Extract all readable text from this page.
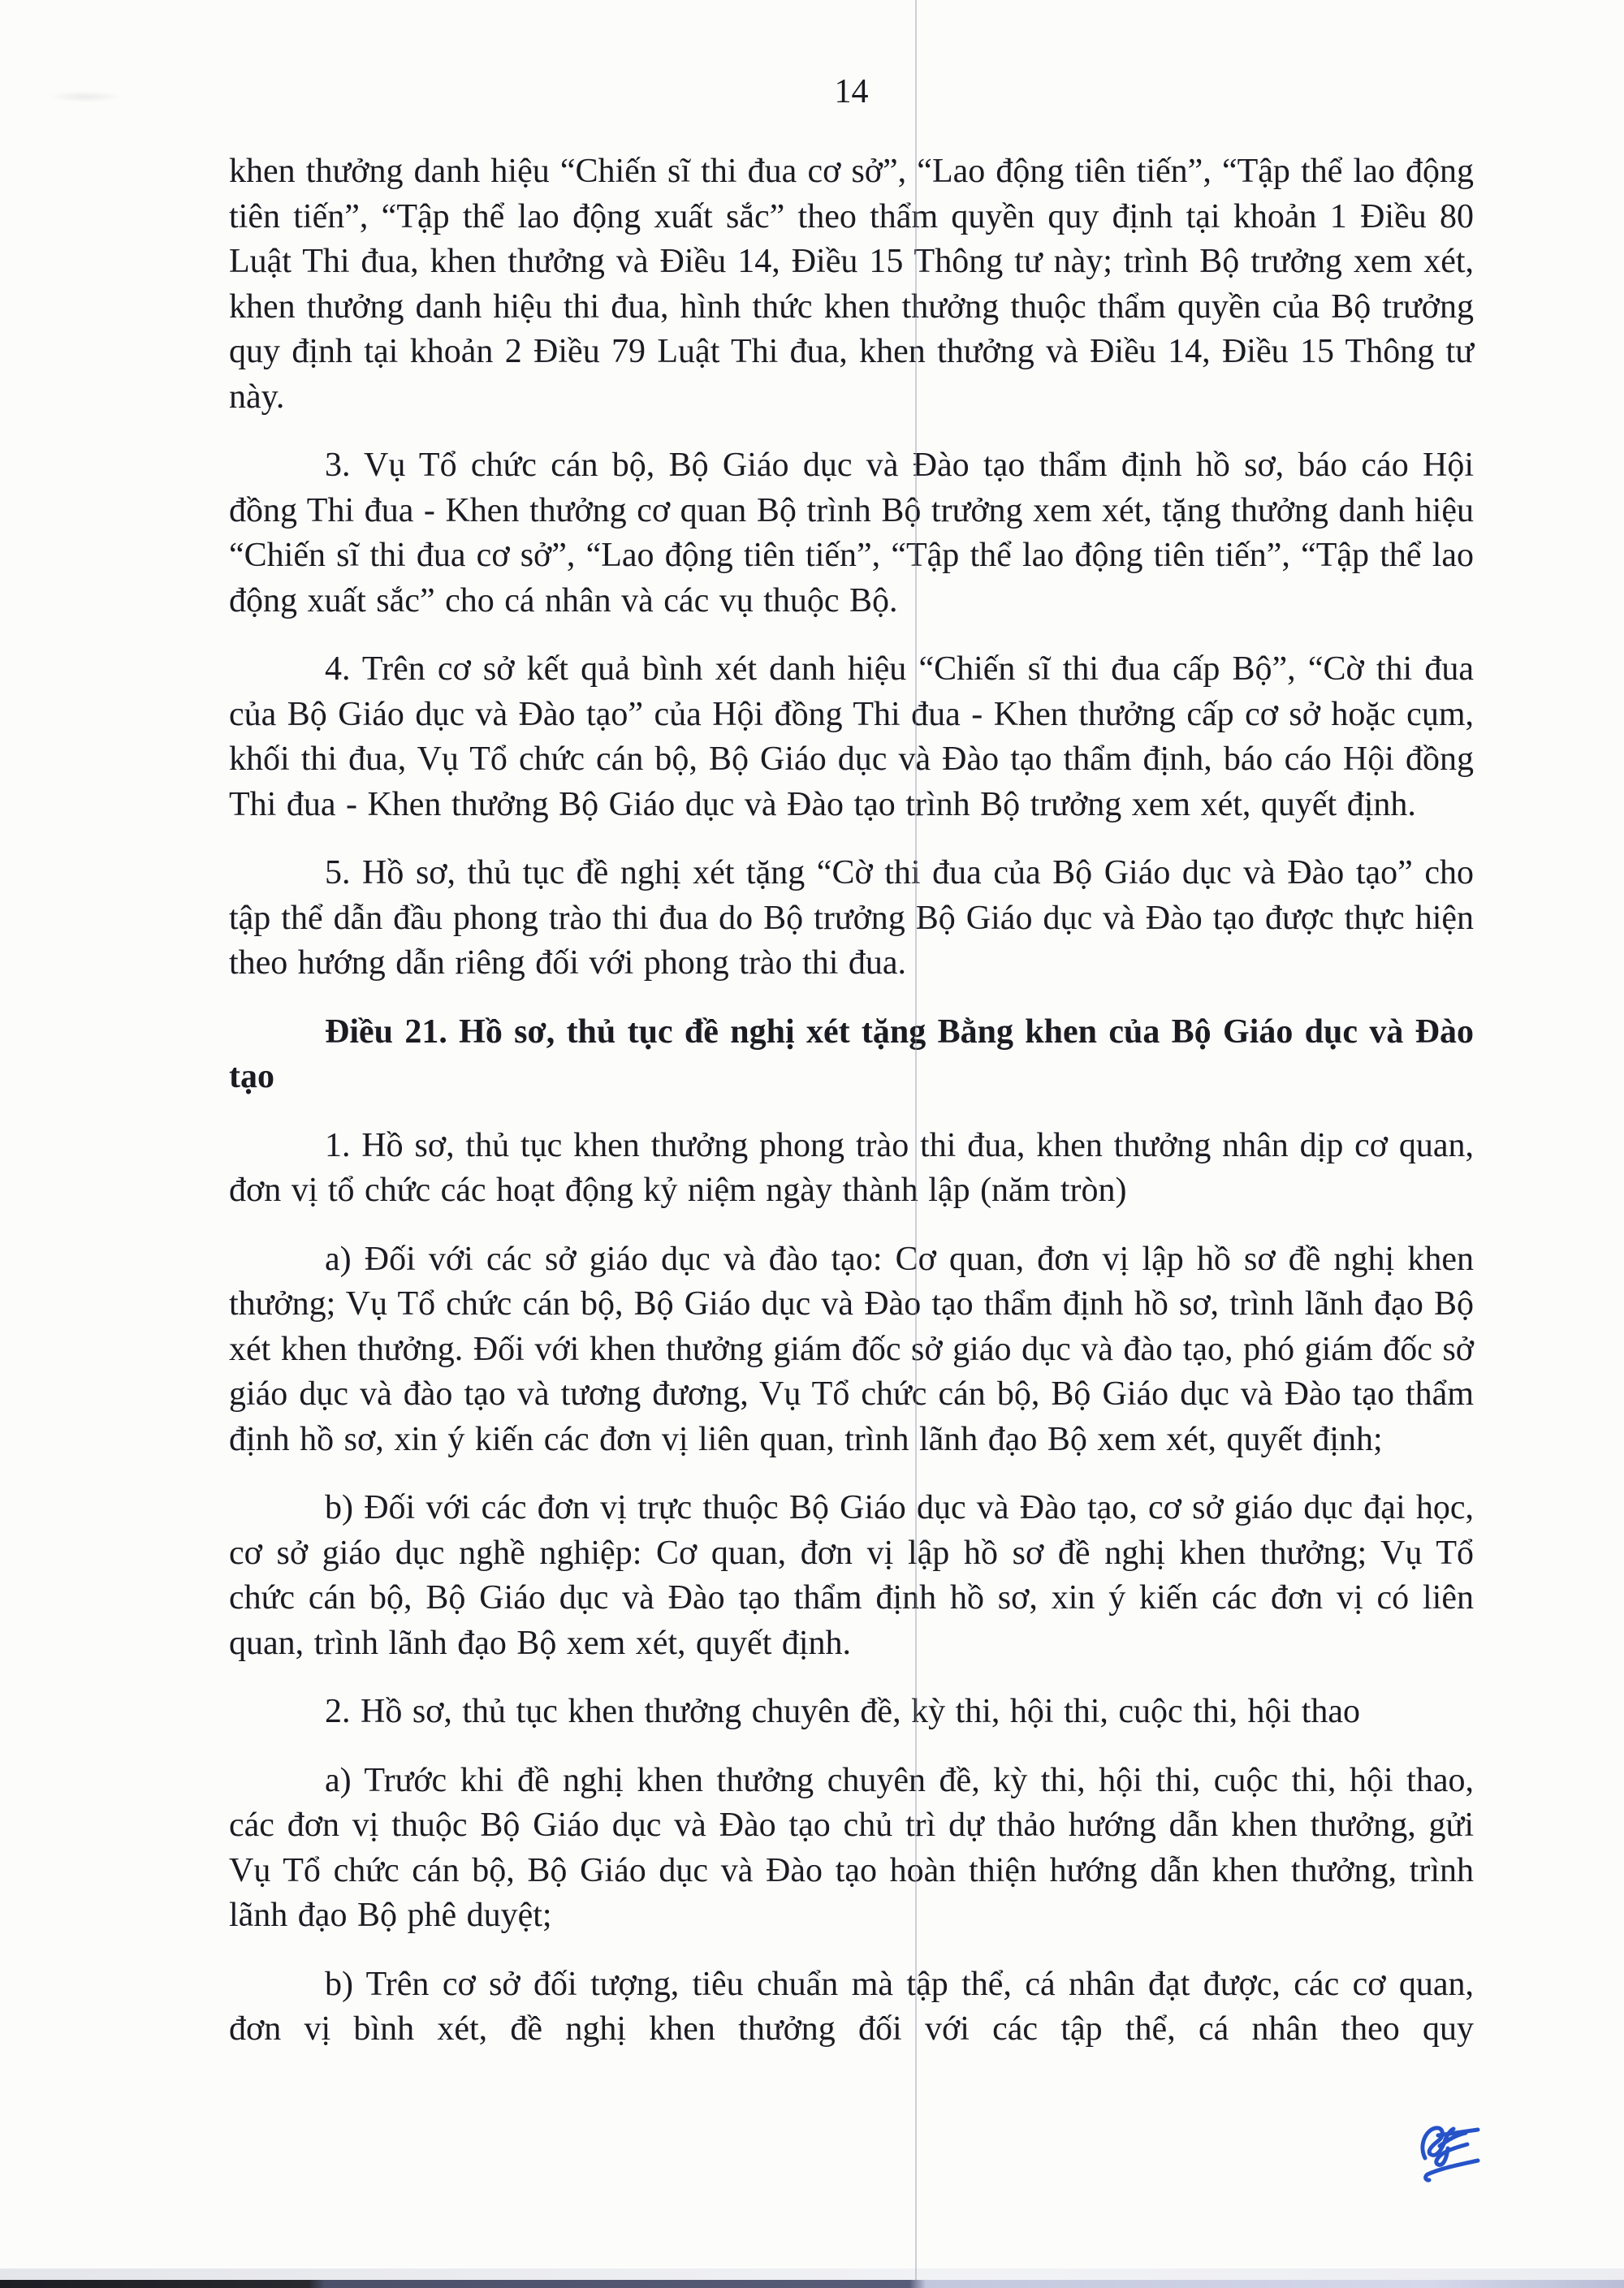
14

khen thưởng danh hiệu “Chiến sĩ thi đua cơ sở”, “Lao động tiên tiến”, “Tập thể lao động tiên tiến”, “Tập thể lao động xuất sắc” theo thẩm quyền quy định tại khoản 1 Điều 80 Luật Thi đua, khen thưởng và Điều 14, Điều 15 Thông tư này; trình Bộ trưởng xem xét, khen thưởng danh hiệu thi đua, hình thức khen thưởng thuộc thẩm quyền của Bộ trưởng quy định tại khoản 2 Điều 79 Luật Thi đua, khen thưởng và Điều 14, Điều 15 Thông tư này.

3. Vụ Tổ chức cán bộ, Bộ Giáo dục và Đào tạo thẩm định hồ sơ, báo cáo Hội đồng Thi đua - Khen thưởng cơ quan Bộ trình Bộ trưởng xem xét, tặng thưởng danh hiệu “Chiến sĩ thi đua cơ sở”, “Lao động tiên tiến”, “Tập thể lao động tiên tiến”, “Tập thể lao động xuất sắc” cho cá nhân và các vụ thuộc Bộ.

4. Trên cơ sở kết quả bình xét danh hiệu “Chiến sĩ thi đua cấp Bộ”, “Cờ thi đua của Bộ Giáo dục và Đào tạo” của Hội đồng Thi đua - Khen thưởng cấp cơ sở hoặc cụm, khối thi đua, Vụ Tổ chức cán bộ, Bộ Giáo dục và Đào tạo thẩm định, báo cáo Hội đồng Thi đua - Khen thưởng Bộ Giáo dục và Đào tạo trình Bộ trưởng xem xét, quyết định.

5. Hồ sơ, thủ tục đề nghị xét tặng “Cờ thi đua của Bộ Giáo dục và Đào tạo” cho tập thể dẫn đầu phong trào thi đua do Bộ trưởng Bộ Giáo dục và Đào tạo được thực hiện theo hướng dẫn riêng đối với phong trào thi đua.

Điều 21. Hồ sơ, thủ tục đề nghị xét tặng Bằng khen của Bộ Giáo dục và Đào tạo

1. Hồ sơ, thủ tục khen thưởng phong trào thi đua, khen thưởng nhân dịp cơ quan, đơn vị tổ chức các hoạt động kỷ niệm ngày thành lập (năm tròn)

a) Đối với các sở giáo dục và đào tạo: Cơ quan, đơn vị lập hồ sơ đề nghị khen thưởng; Vụ Tổ chức cán bộ, Bộ Giáo dục và Đào tạo thẩm định hồ sơ, trình lãnh đạo Bộ xét khen thưởng. Đối với khen thưởng giám đốc sở giáo dục và đào tạo, phó giám đốc sở giáo dục và đào tạo và tương đương, Vụ Tổ chức cán bộ, Bộ Giáo dục và Đào tạo thẩm định hồ sơ, xin ý kiến các đơn vị liên quan, trình lãnh đạo Bộ xem xét, quyết định;

b) Đối với các đơn vị trực thuộc Bộ Giáo dục và Đào tạo, cơ sở giáo dục đại học, cơ sở giáo dục nghề nghiệp: Cơ quan, đơn vị lập hồ sơ đề nghị khen thưởng; Vụ Tổ chức cán bộ, Bộ Giáo dục và Đào tạo thẩm định hồ sơ, xin ý kiến các đơn vị có liên quan, trình lãnh đạo Bộ xem xét, quyết định.

2. Hồ sơ, thủ tục khen thưởng chuyên đề, kỳ thi, hội thi, cuộc thi, hội thao

a) Trước khi đề nghị khen thưởng chuyên đề, kỳ thi, hội thi, cuộc thi, hội thao, các đơn vị thuộc Bộ Giáo dục và Đào tạo chủ trì dự thảo hướng dẫn khen thưởng, gửi Vụ Tổ chức cán bộ, Bộ Giáo dục và Đào tạo hoàn thiện hướng dẫn khen thưởng, trình lãnh đạo Bộ phê duyệt;

b) Trên cơ sở đối tượng, tiêu chuẩn mà tập thể, cá nhân đạt được, các cơ quan, đơn vị bình xét, đề nghị khen thưởng đối với các tập thể, cá nhân theo quy
